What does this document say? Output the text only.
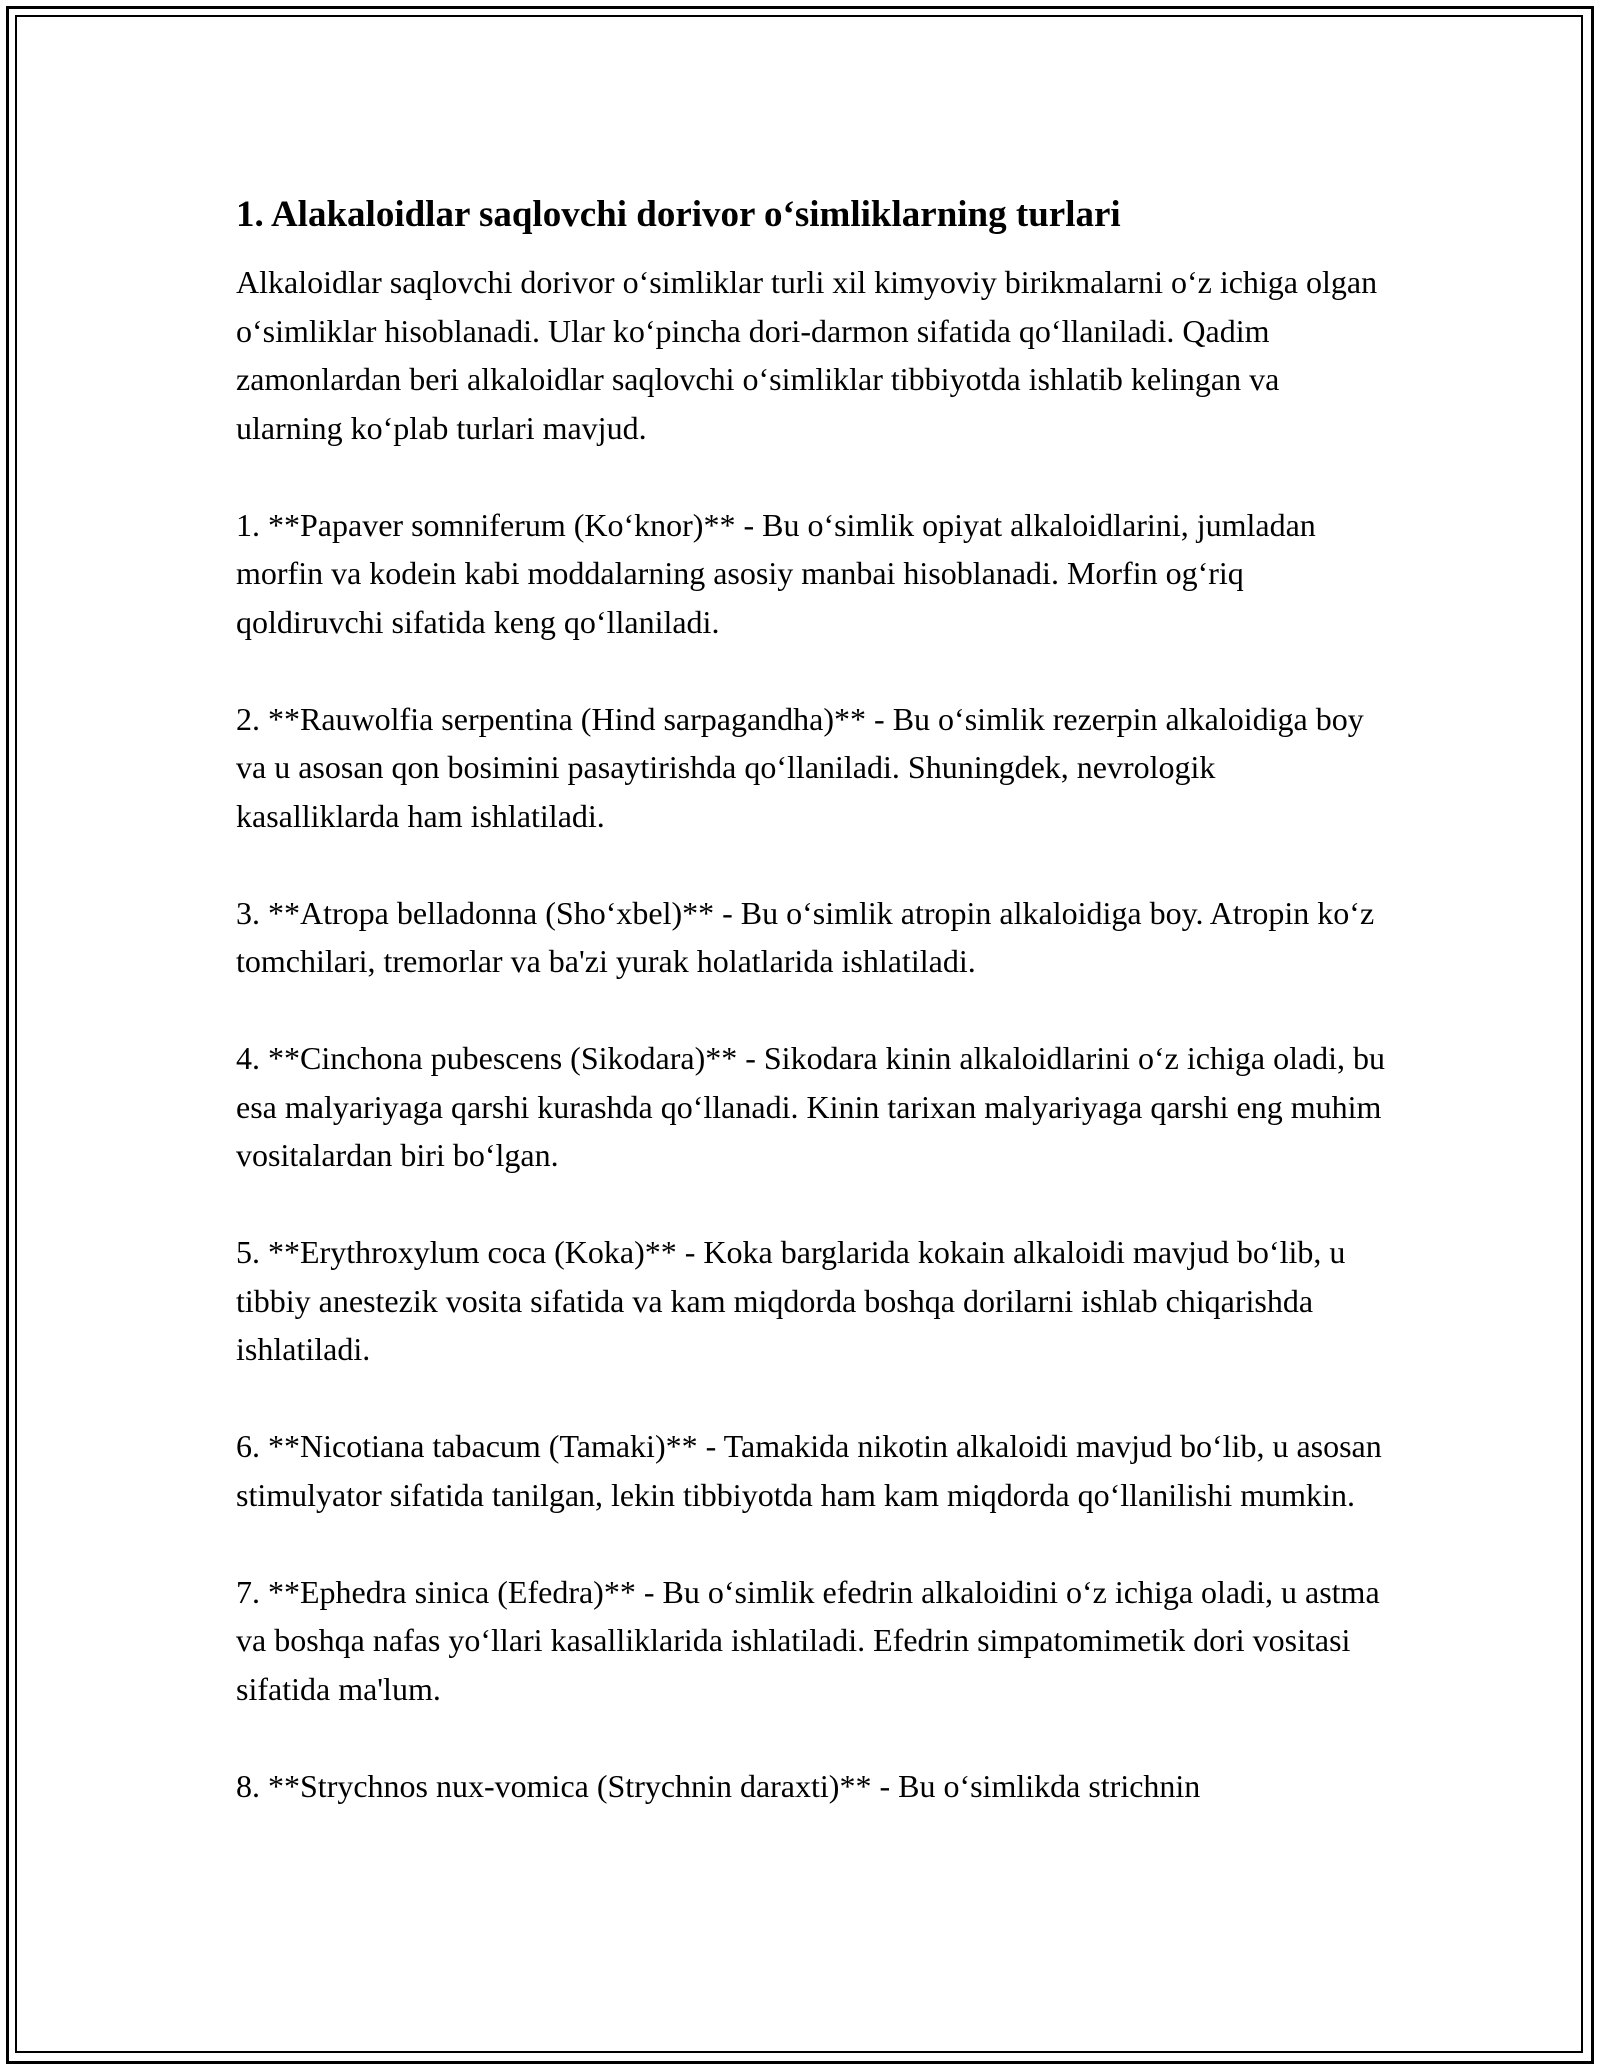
1. Alakaloidlar saqlovchi dorivor o‘simliklarning turlari

Alkaloidlar saqlovchi dorivor o‘simliklar turli xil kimyoviy birikmalarni o‘z ichiga olgan o‘simliklar hisoblanadi. Ular ko‘pincha dori-darmon sifatida qo‘llaniladi. Qadim zamonlardan beri alkaloidlar saqlovchi o‘simliklar tibbiyotda ishlatib kelingan va ularning ko‘plab turlari mavjud.

1. **Papaver somniferum (Ko‘knor)** - Bu o‘simlik opiyat alkaloidlarini, jumladan morfin va kodein kabi moddalarning asosiy manbai hisoblanadi. Morfin og‘riq qoldiruvchi sifatida keng qo‘llaniladi.

2. **Rauwolfia serpentina (Hind sarpagandha)** - Bu o‘simlik rezerpin alkaloidiga boy va u asosan qon bosimini pasaytirishda qo‘llaniladi. Shuningdek, nevrologik kasalliklarda ham ishlatiladi.

3. **Atropa belladonna (Sho‘xbel)** - Bu o‘simlik atropin alkaloidiga boy. Atropin ko‘z tomchilari, tremorlar va ba'zi yurak holatlarida ishlatiladi.

4. **Cinchona pubescens (Sikodara)** - Sikodara kinin alkaloidlarini o‘z ichiga oladi, bu esa malyariyaga qarshi kurashda qo‘llanadi. Kinin tarixan malyariyaga qarshi eng muhim vositalardan biri bo‘lgan.

5. **Erythroxylum coca (Koka)** - Koka barglarida kokain alkaloidi mavjud bo‘lib, u tibbiy anestezik vosita sifatida va kam miqdorda boshqa dorilarni ishlab chiqarishda ishlatiladi.

6. **Nicotiana tabacum (Tamaki)** - Tamakida nikotin alkaloidi mavjud bo‘lib, u asosan stimulyator sifatida tanilgan, lekin tibbiyotda ham kam miqdorda qo‘llanilishi mumkin.

7. **Ephedra sinica (Efedra)** - Bu o‘simlik efedrin alkaloidini o‘z ichiga oladi, u astma va boshqa nafas yo‘llari kasalliklarida ishlatiladi. Efedrin simpatomimetik dori vositasi sifatida ma'lum.

8. **Strychnos nux-vomica (Strychnin daraxti)** - Bu o‘simlikda strichnin
